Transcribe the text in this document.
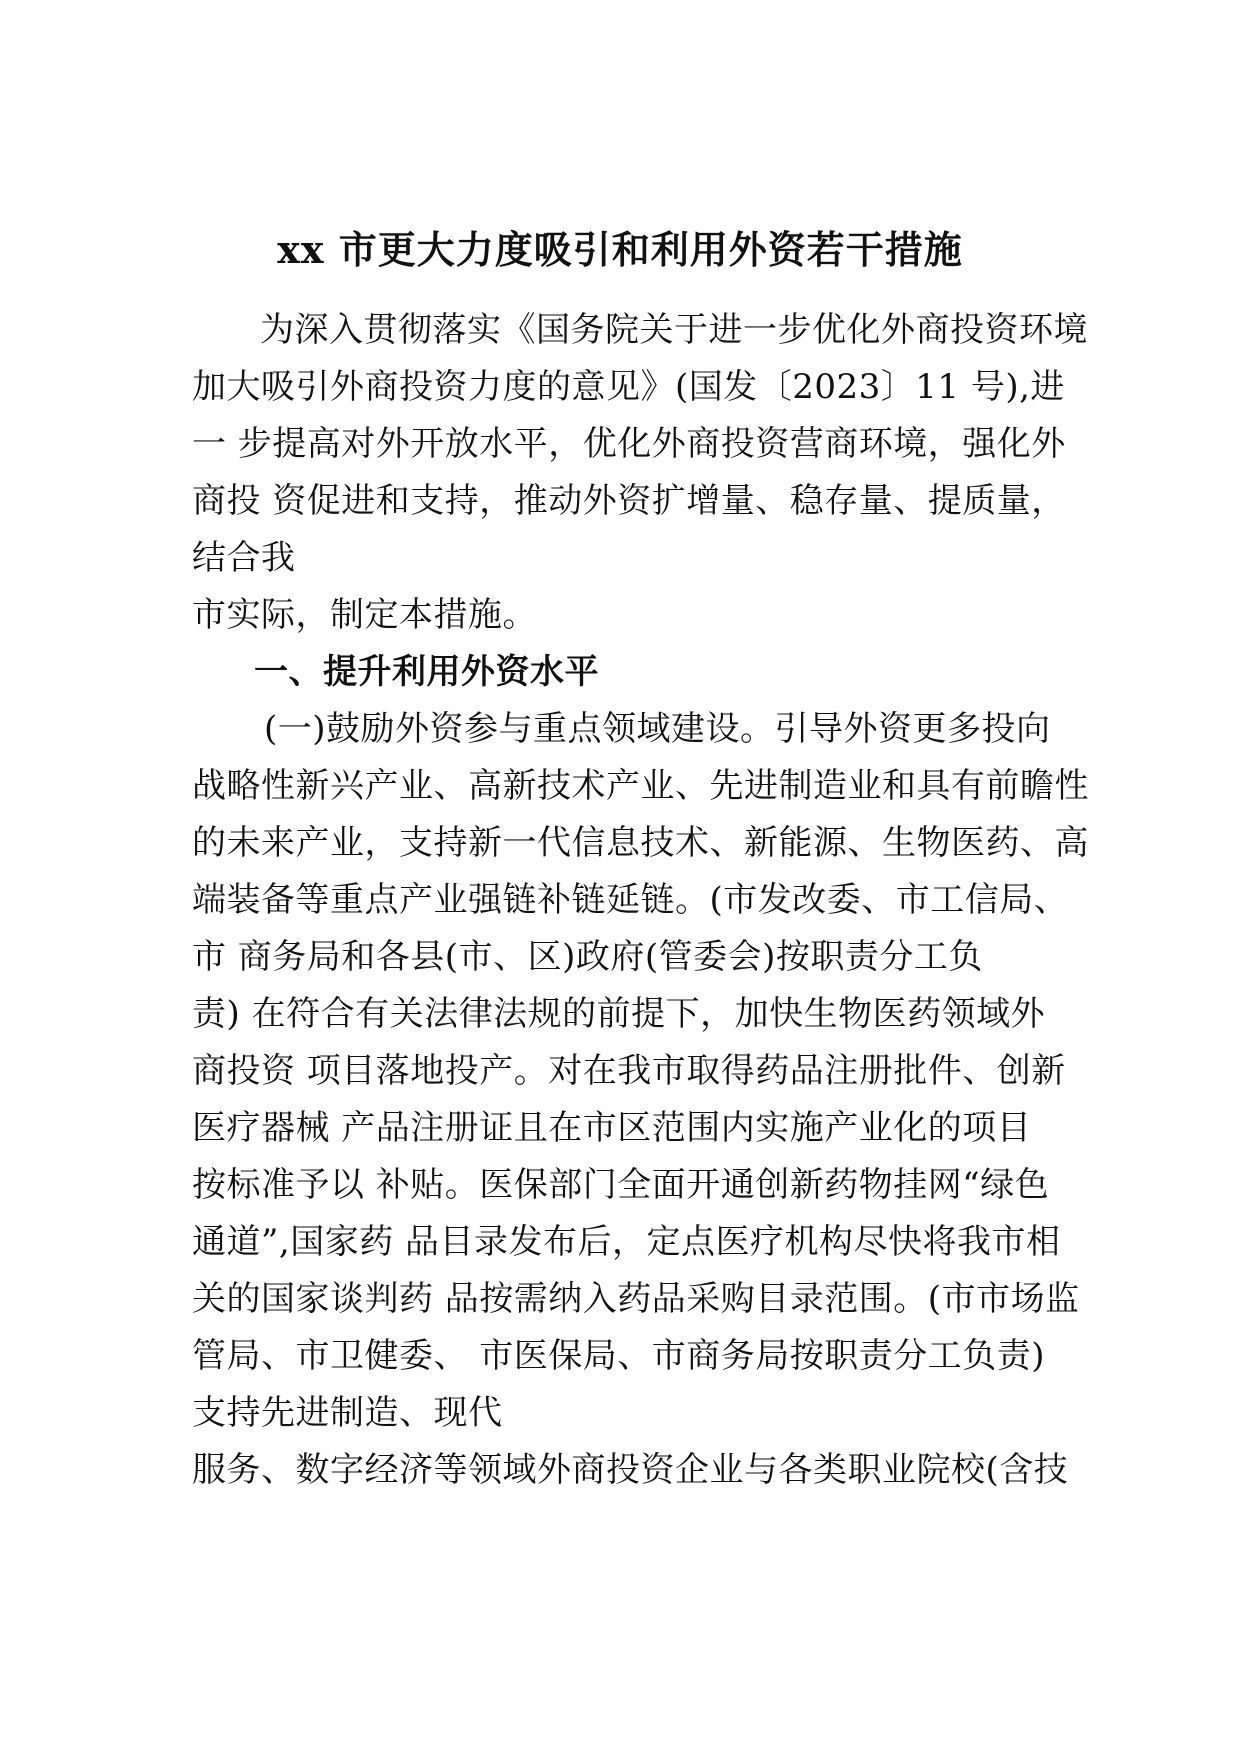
xx 市更大力度吸引和利用外资若干措施
为深入贯彻落实《国务院关于进一步优化外商投资环境
加大吸引外商投资力度的意见》(国发〔2023〕11 号),进
一 步提高对外开放水平，优化外商投资营商环境，强化外
商投 资促进和支持，推动外资扩增量、稳存量、提质量，
结合我
市实际，制定本措施。
一、提升利用外资水平
(一)鼓励外资参与重点领域建设。引导外资更多投向
战略性新兴产业、高新技术产业、先进制造业和具有前瞻性
的未来产业，支持新一代信息技术、新能源、生物医药、高
端装备等重点产业强链补链延链。(市发改委、市工信局、
市 商务局和各县(市、区)政府(管委会)按职责分工负
责) 在符合有关法律法规的前提下，加快生物医药领域外
商投资 项目落地投产。对在我市取得药品注册批件、创新
医疗器械 产品注册证且在市区范围内实施产业化的项目
按标准予以 补贴。医保部门全面开通创新药物挂网“绿色
通道”,国家药 品目录发布后，定点医疗机构尽快将我市相
关的国家谈判药 品按需纳入药品采购目录范围。(市市场监
管局、市卫健委、 市医保局、市商务局按职责分工负责)
支持先进制造、现代
服务、数字经济等领域外商投资企业与各类职业院校(含技
